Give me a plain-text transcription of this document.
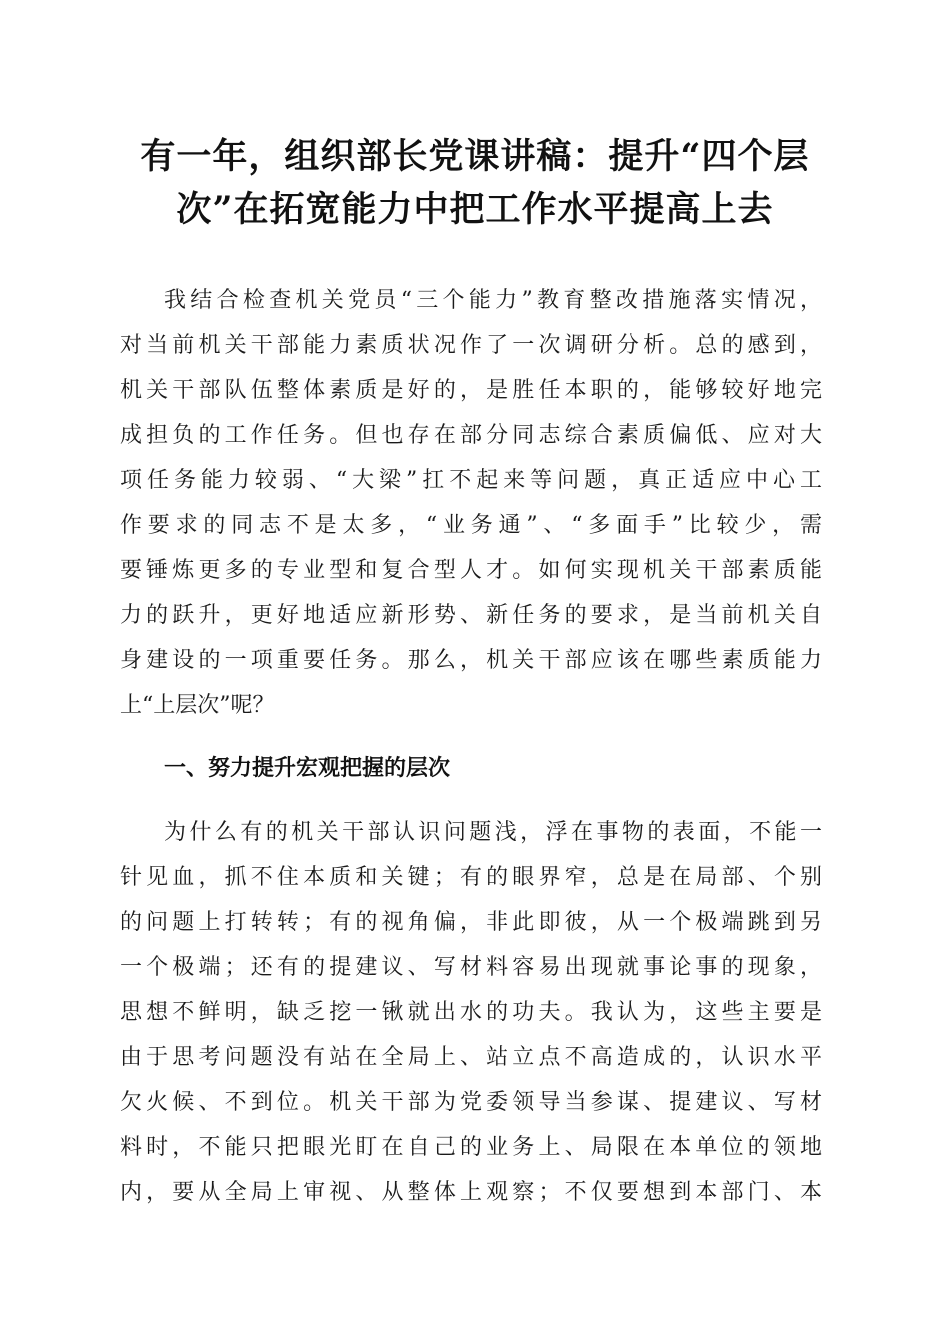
有一年，组织部长党课讲稿：提升“四个层
次”在拓宽能力中把工作水平提高上去
我结合检查机关党员“三个能力”教育整改措施落实情况，
对当前机关干部能力素质状况作了一次调研分析。总的感到，
机关干部队伍整体素质是好的，是胜任本职的，能够较好地完
成担负的工作任务。但也存在部分同志综合素质偏低、应对大
项任务能力较弱、“大梁”扛不起来等问题，真正适应中心工
作要求的同志不是太多，“业务通”、“多面手”比较少，需
要锤炼更多的专业型和复合型人才。如何实现机关干部素质能
力的跃升，更好地适应新形势、新任务的要求，是当前机关自
身建设的一项重要任务。那么，机关干部应该在哪些素质能力
上“上层次”呢？
一、努力提升宏观把握的层次
为什么有的机关干部认识问题浅，浮在事物的表面，不能一
针见血，抓不住本质和关键；有的眼界窄，总是在局部、个别
的问题上打转转；有的视角偏，非此即彼，从一个极端跳到另
一个极端；还有的提建议、写材料容易出现就事论事的现象，
思想不鲜明，缺乏挖一锹就出水的功夫。我认为，这些主要是
由于思考问题没有站在全局上、站立点不高造成的，认识水平
欠火候、不到位。机关干部为党委领导当参谋、提建议、写材
料时，不能只把眼光盯在自己的业务上、局限在本单位的领地
内，要从全局上审视、从整体上观察；不仅要想到本部门、本
